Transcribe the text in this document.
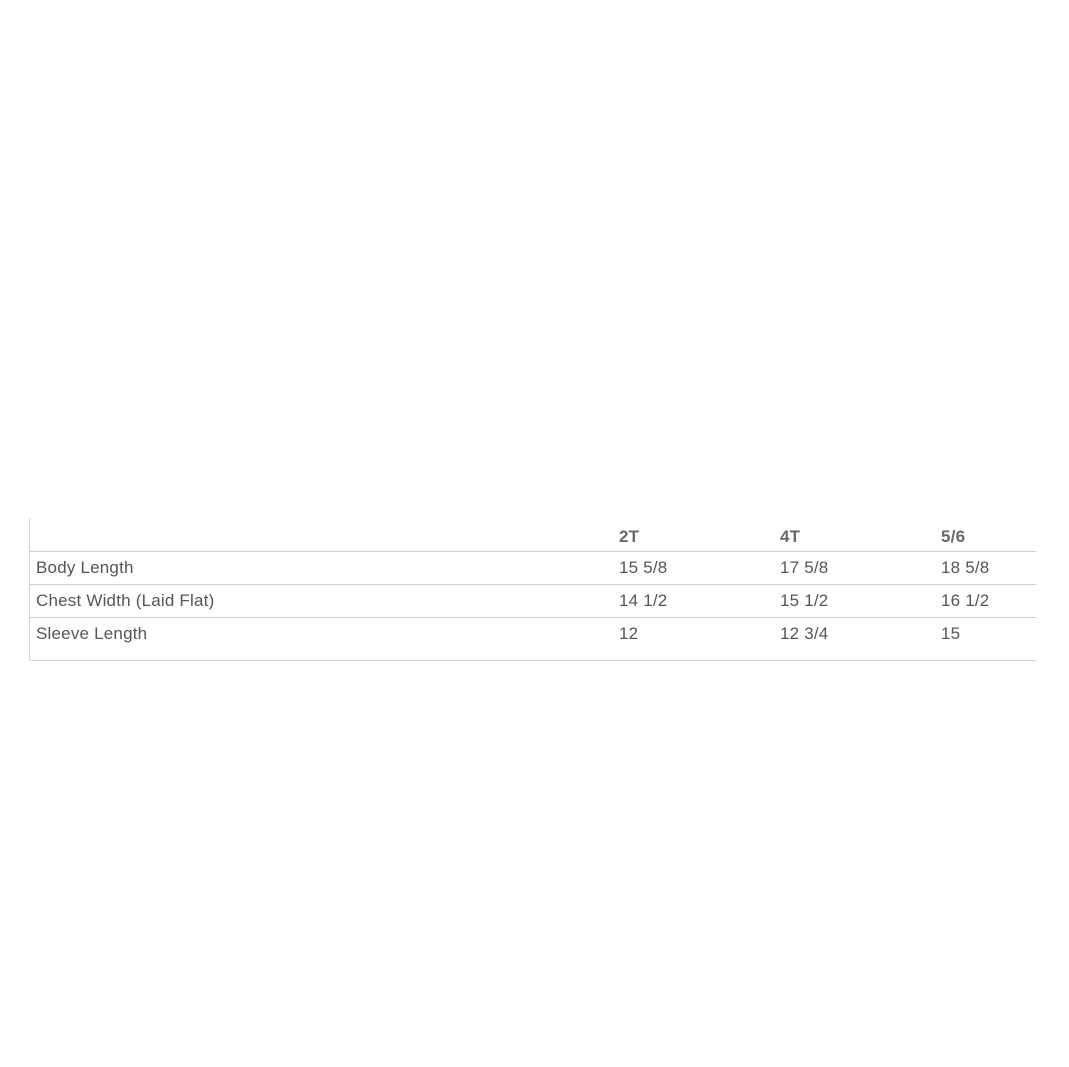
	2T	4T	5/6
Body Length	15 5/8	17 5/8	18 5/8
Chest Width (Laid Flat)	14 1/2	15 1/2	16 1/2
Sleeve Length	12	12 3/4	15
